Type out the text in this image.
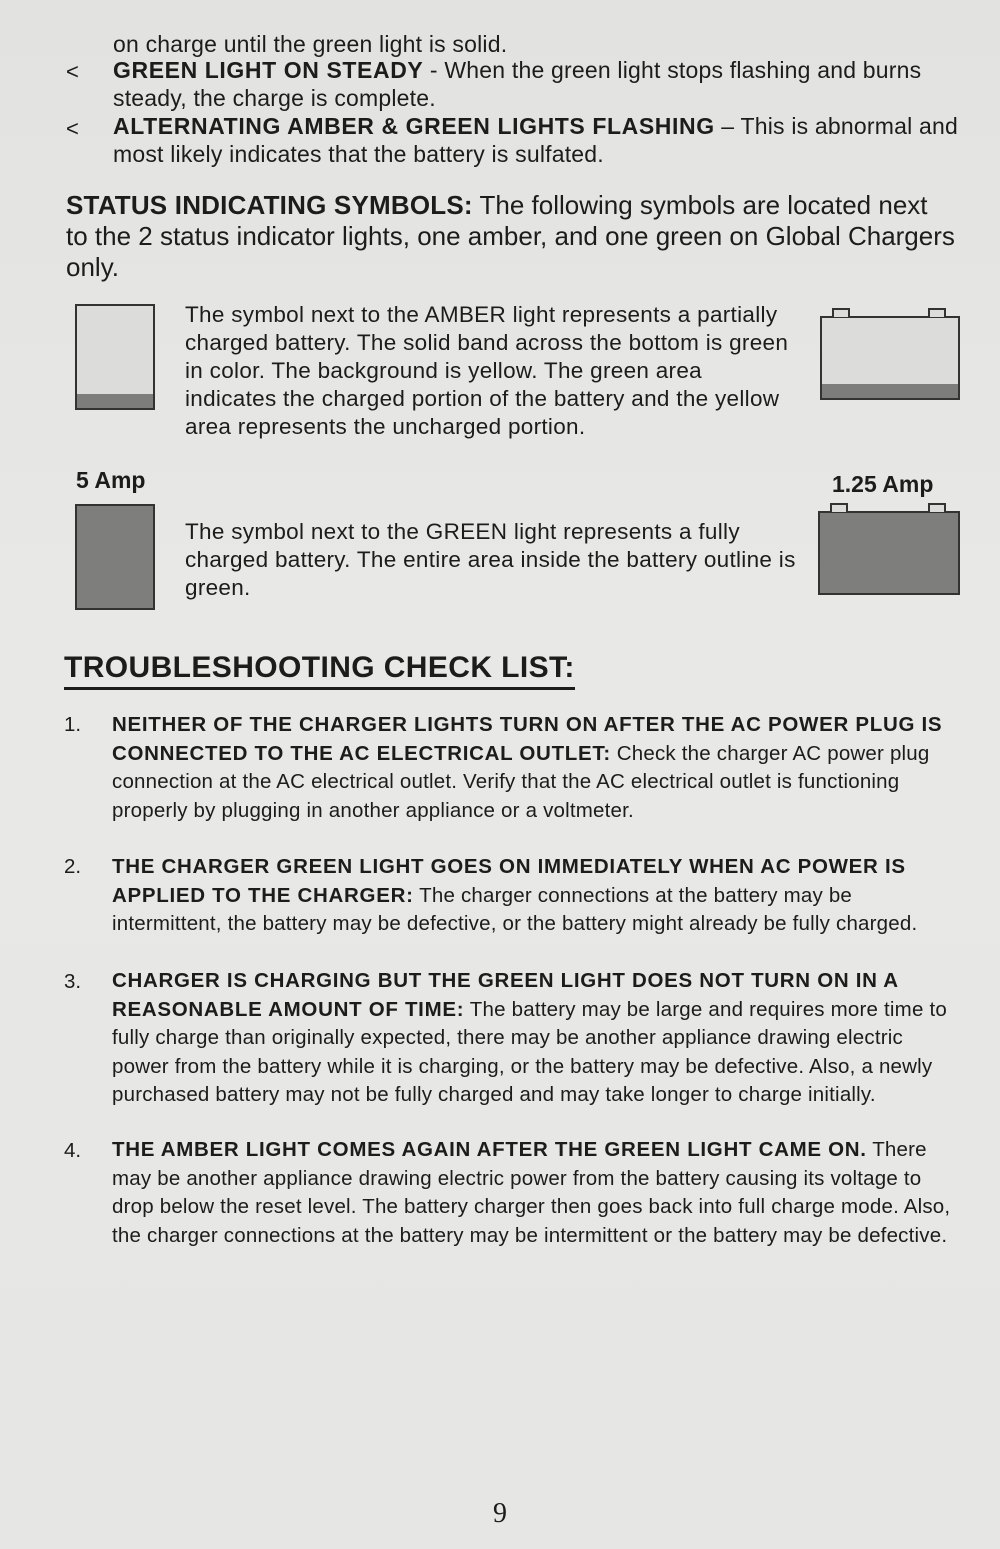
on charge until the green light is solid.
< GREEN LIGHT ON STEADY - When the green light stops flashing and burns steady, the charge is complete.
< ALTERNATING AMBER & GREEN LIGHTS FLASHING – This is abnormal and most likely indicates that the battery is sulfated.
STATUS INDICATING SYMBOLS: The following symbols are located next to the 2 status indicator lights, one amber, and one green on Global Chargers only.
The symbol next to the AMBER light represents a partially charged battery. The solid band across the bottom is green in color. The background is yellow. The green area indicates the charged portion of the battery and the yellow area represents the uncharged portion.
5 Amp	1.25 Amp
The symbol next to the GREEN light represents a fully charged battery. The entire area inside the battery outline is green.
TROUBLESHOOTING CHECK LIST:
1. NEITHER OF THE CHARGER LIGHTS TURN ON AFTER THE AC POWER PLUG IS CONNECTED TO THE AC ELECTRICAL OUTLET: Check the charger AC power plug connection at the AC electrical outlet. Verify that the AC electrical outlet is functioning properly by plugging in another appliance or a voltmeter.
2. THE CHARGER GREEN LIGHT GOES ON IMMEDIATELY WHEN AC POWER IS APPLIED TO THE CHARGER: The charger connections at the battery may be intermittent, the battery may be defective, or the battery might already be fully charged.
3. CHARGER IS CHARGING BUT THE GREEN LIGHT DOES NOT TURN ON IN A REASONABLE AMOUNT OF TIME: The battery may be large and requires more time to fully charge than originally expected, there may be another appliance drawing electric power from the battery while it is charging, or the battery may be defective. Also, a newly purchased battery may not be fully charged and may take longer to charge initially.
4. THE AMBER LIGHT COMES AGAIN AFTER THE GREEN LIGHT CAME ON. There may be another appliance drawing electric power from the battery causing its voltage to drop below the reset level. The battery charger then goes back into full charge mode. Also, the charger connections at the battery may be intermittent or the battery may be defective.
9
